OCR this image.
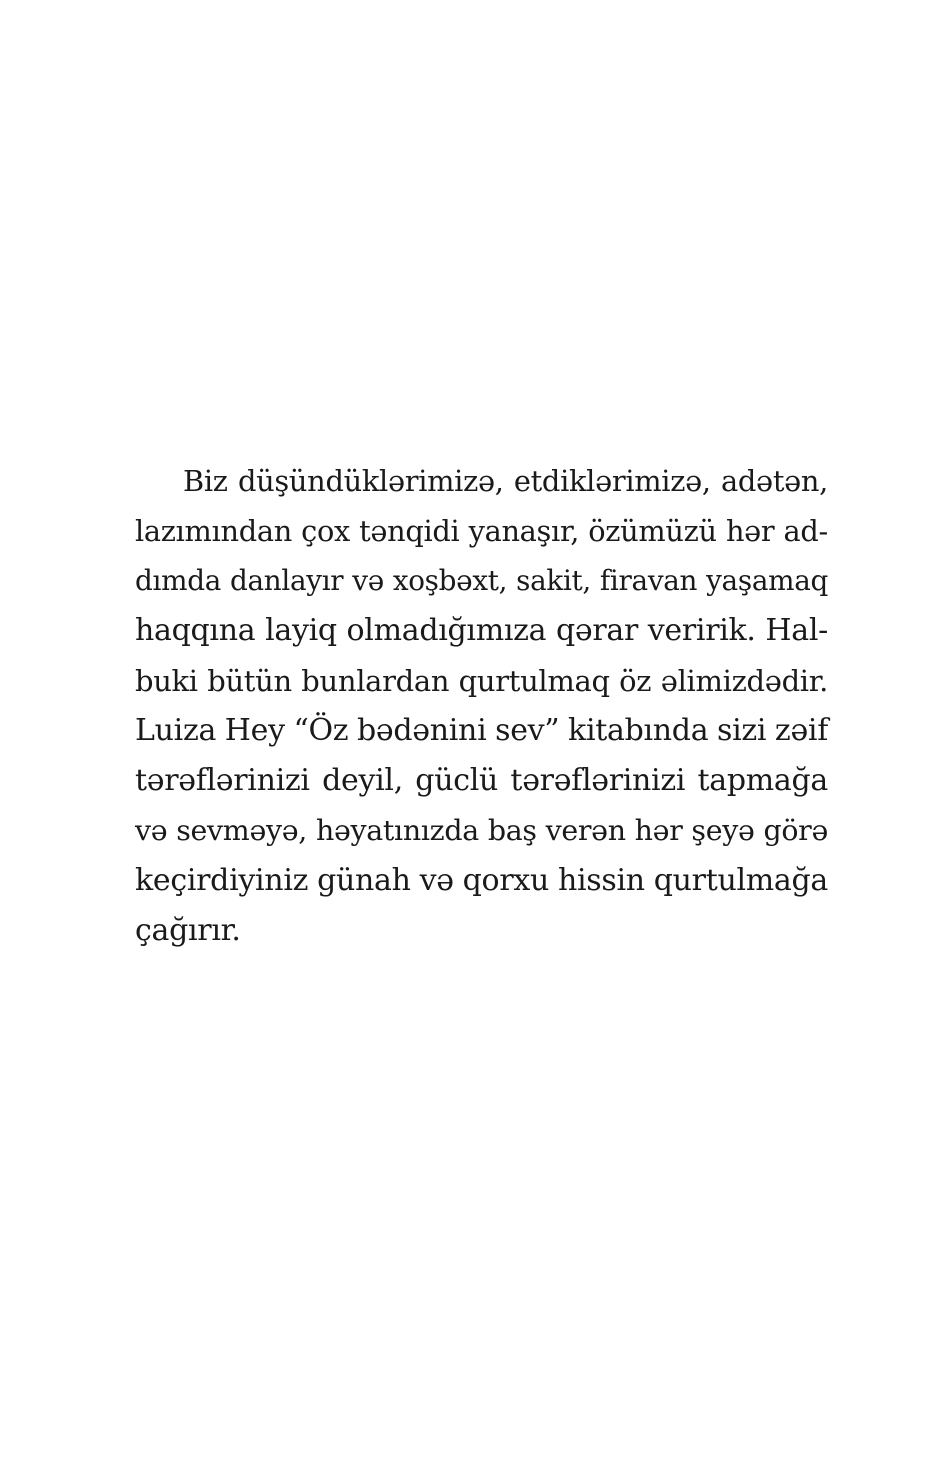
Biz düşündüklərimizə, etdiklərimizə, adətən,
lazımından çox tənqidi yanaşır, özümüzü hər ad-
dımda danlayır və xoşbəxt, sakit, firavan yaşamaq
haqqına layiq olmadığımıza qərar veririk. Hal-
buki bütün bunlardan qurtulmaq öz əlimizdədir.
Luiza Hey “Öz bədənini sev” kitabında sizi zəif
tərəflərinizi deyil, güclü tərəflərinizi tapmağa
və sevməyə, həyatınızda baş verən hər şeyə görə
keçirdiyiniz günah və qorxu hissin qurtulmağa
çağırır.
